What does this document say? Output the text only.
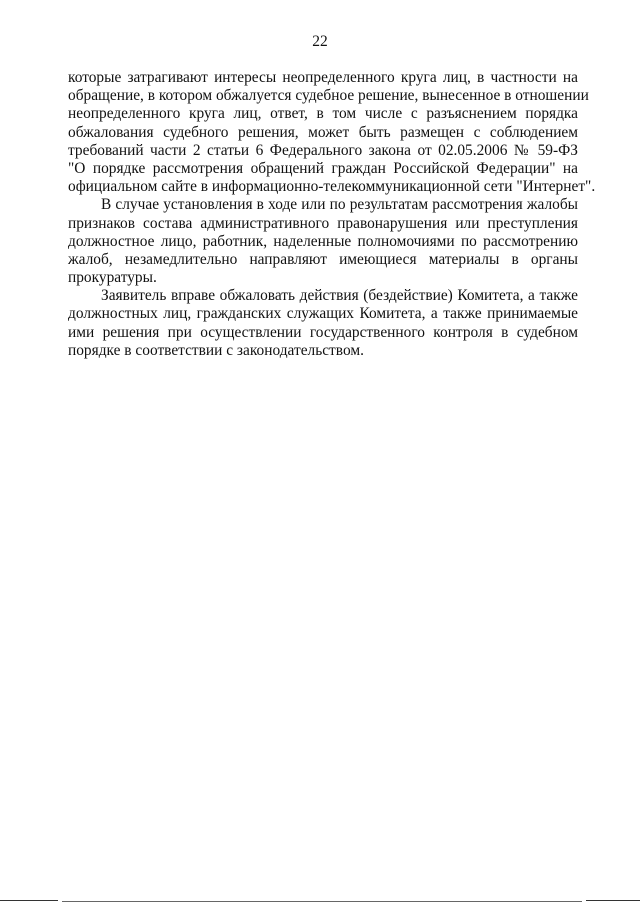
22
которые затрагивают интересы неопределенного круга лиц, в частности на
обращение, в котором обжалуется судебное решение, вынесенное в отношении
неопределенного круга лиц, ответ, в том числе с разъяснением порядка
обжалования судебного решения, может быть размещен с соблюдением
требований части 2 статьи 6 Федерального закона от 02.05.2006 № 59-ФЗ
"О порядке рассмотрения обращений граждан Российской Федерации" на
официальном сайте в информационно-телекоммуникационной сети "Интернет".
В случае установления в ходе или по результатам рассмотрения жалобы
признаков состава административного правонарушения или преступления
должностное лицо, работник, наделенные полномочиями по рассмотрению
жалоб, незамедлительно направляют имеющиеся материалы в органы
прокуратуры.
Заявитель вправе обжаловать действия (бездействие) Комитета, а также
должностных лиц, гражданских служащих Комитета, а также принимаемые
ими решения при осуществлении государственного контроля в судебном
порядке в соответствии с законодательством.
